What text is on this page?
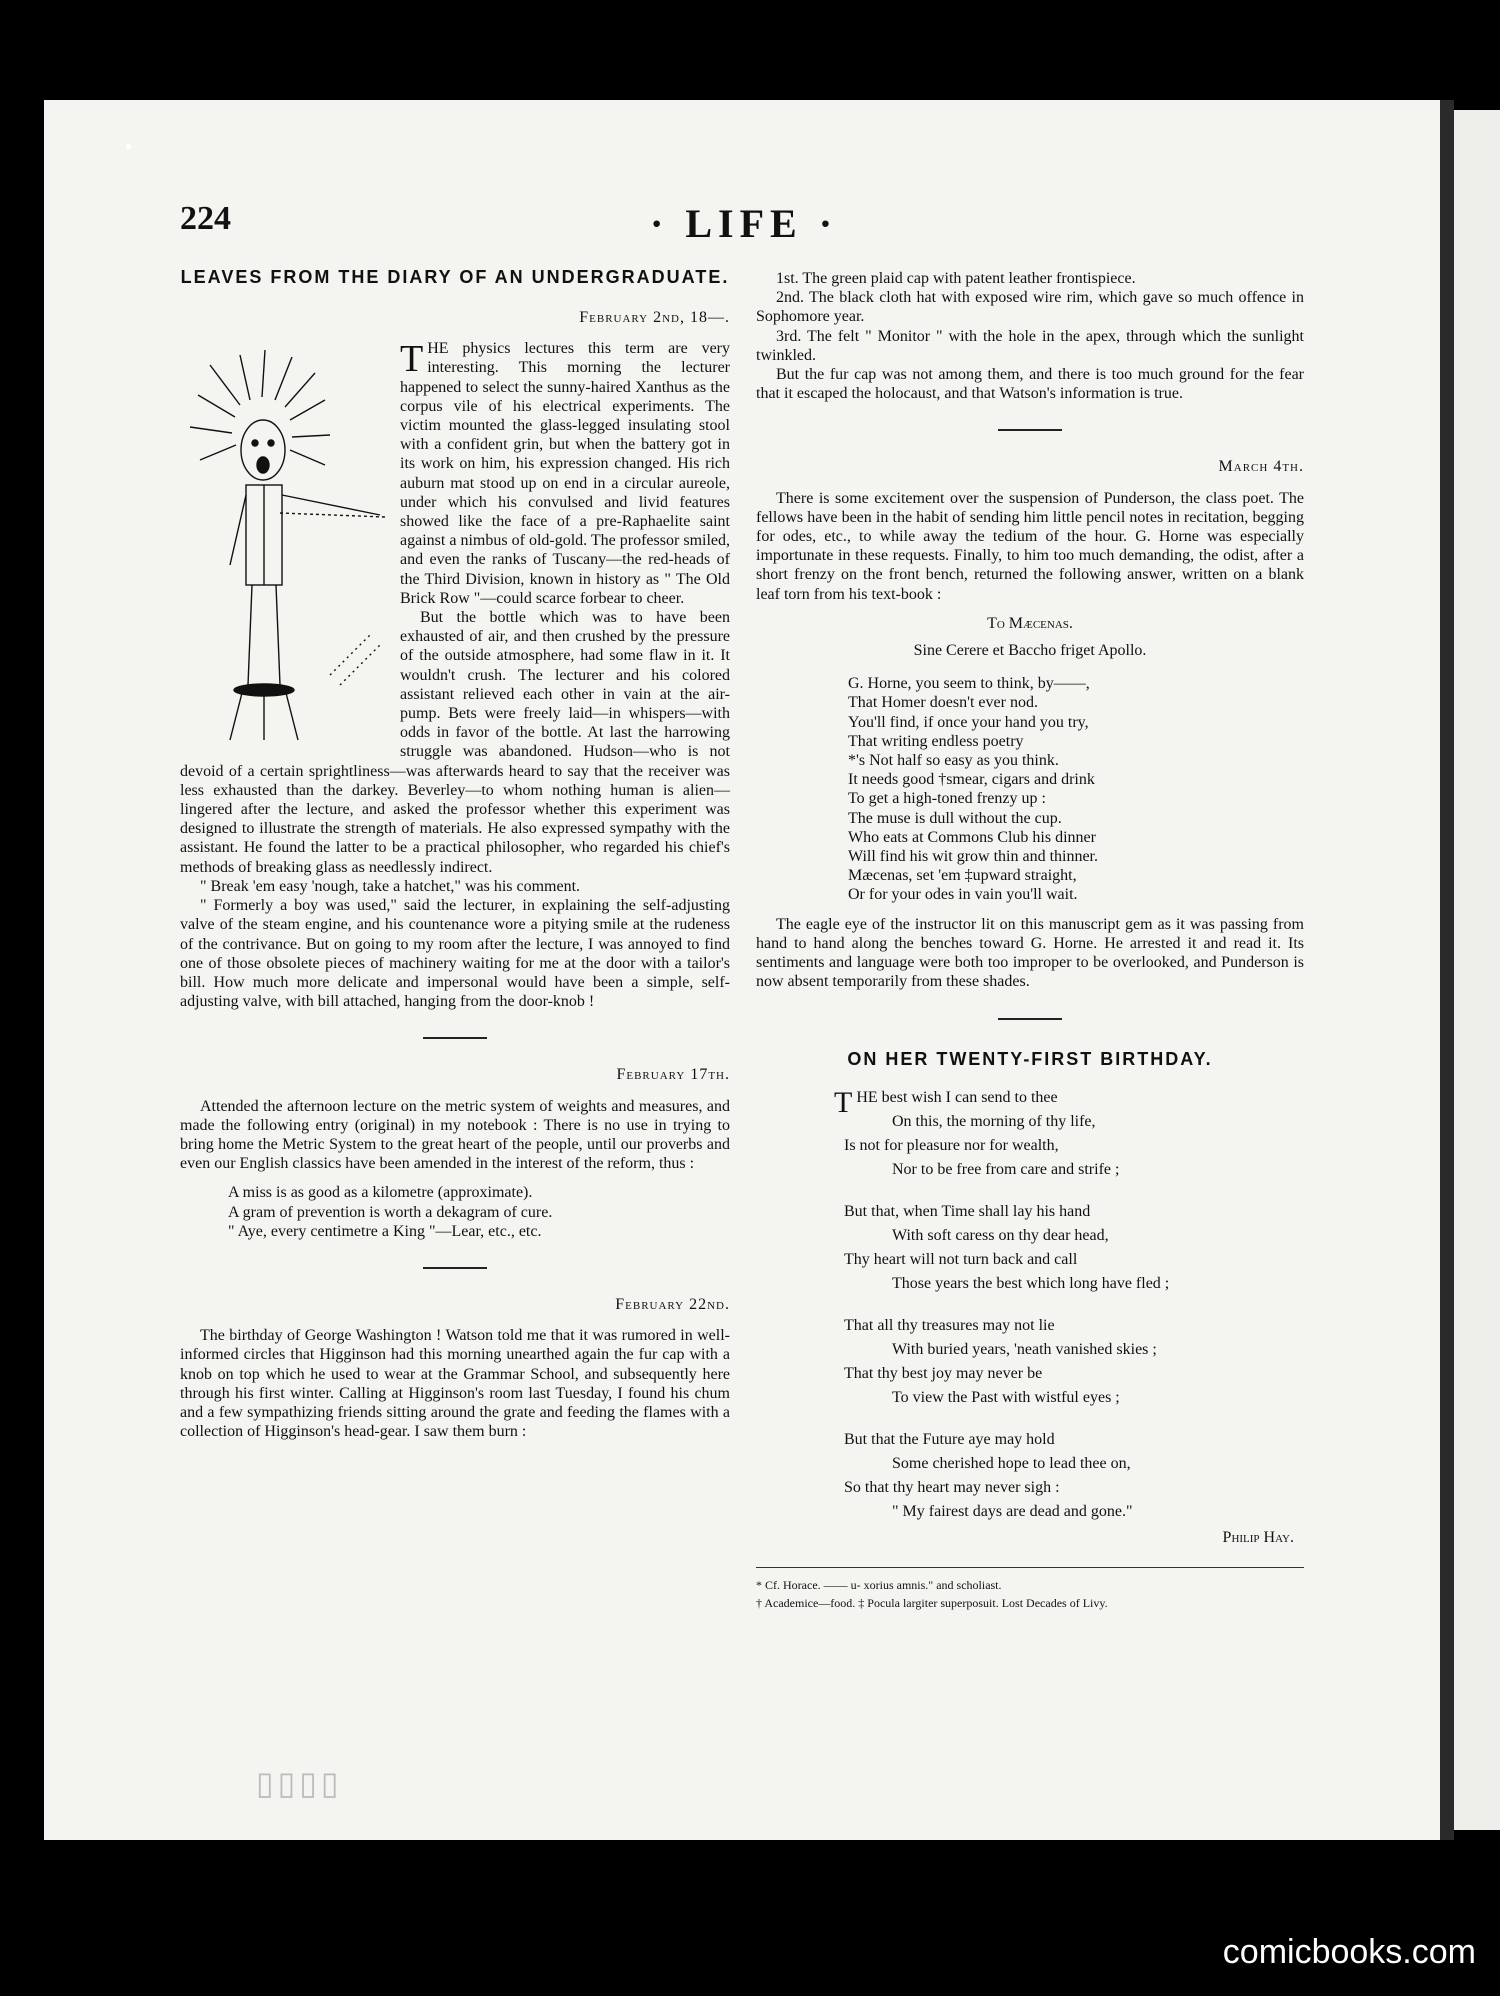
▯▯▯▯
224	· LIFE ·
LEAVES FROM THE DIARY OF AN UNDERGRADUATE.
February 2nd, 18—.

THE physics lectures this term are very interesting. This morning the lecturer happened to select the sunny-haired Xanthus as the corpus vile of his electrical experiments. The victim mounted the glass-legged insulating stool with a confident grin, but when the battery got in its work on him, his expression changed. His rich auburn mat stood up on end in a circular aureole, under which his convulsed and livid features showed like the face of a pre-Raphaelite saint against a nimbus of old-gold. The professor smiled, and even the ranks of Tuscany—the red-heads of the Third Division, known in history as " The Old Brick Row "—could scarce forbear to cheer.

But the bottle which was to have been exhausted of air, and then crushed by the pressure of the outside atmosphere, had some flaw in it. It wouldn't crush. The lecturer and his colored assistant relieved each other in vain at the air-pump. Bets were freely laid—in whispers—with odds in favor of the bottle. At last the harrowing struggle was abandoned. Hudson—who is not devoid of a certain sprightliness—was afterwards heard to say that the receiver was less exhausted than the darkey. Beverley—to whom nothing human is alien—lingered after the lecture, and asked the professor whether this experiment was designed to illustrate the strength of materials. He also expressed sympathy with the assistant. He found the latter to be a practical philosopher, who regarded his chief's methods of breaking glass as needlessly indirect.

" Break 'em easy 'nough, take a hatchet," was his comment.

" Formerly a boy was used," said the lecturer, in explaining the self-adjusting valve of the steam engine, and his countenance wore a pitying smile at the rudeness of the contrivance. But on going to my room after the lecture, I was annoyed to find one of those obsolete pieces of machinery waiting for me at the door with a tailor's bill. How much more delicate and impersonal would have been a simple, self-adjusting valve, with bill attached, hanging from the door-knob !

February 17th.

Attended the afternoon lecture on the metric system of weights and measures, and made the following entry (original) in my notebook : There is no use in trying to bring home the Metric System to the great heart of the people, until our proverbs and even our English classics have been amended in the interest of the reform, thus :

A miss is as good as a kilometre (approximate).
A gram of prevention is worth a dekagram of cure.
" Aye, every centimetre a King "—Lear, etc., etc.
February 22nd.

The birthday of George Washington ! Watson told me that it was rumored in well-informed circles that Higginson had this morning unearthed again the fur cap with a knob on top which he used to wear at the Grammar School, and subsequently here through his first winter. Calling at Higginson's room last Tuesday, I found his chum and a few sympathizing friends sitting around the grate and feeding the flames with a collection of Higginson's head-gear. I saw them burn :

1st. The green plaid cap with patent leather frontispiece.

2nd. The black cloth hat with exposed wire rim, which gave so much offence in Sophomore year.

3rd. The felt " Monitor " with the hole in the apex, through which the sunlight twinkled.

But the fur cap was not among them, and there is too much ground for the fear that it escaped the holocaust, and that Watson's information is true.

March 4th.

There is some excitement over the suspension of Punderson, the class poet. The fellows have been in the habit of sending him little pencil notes in recitation, begging for odes, etc., to while away the tedium of the hour. G. Horne was especially importunate in these requests. Finally, to him too much demanding, the odist, after a short frenzy on the front bench, returned the following answer, written on a blank leaf torn from his text-book :

To Mæcenas.
Sine Cerere et Baccho friget Apollo.
G. Horne, you seem to think, by——,
That Homer doesn't ever nod.
You'll find, if once your hand you try,
That writing endless poetry
*'s Not half so easy as you think.
It needs good †smear, cigars and drink
To get a high-toned frenzy up :
The muse is dull without the cup.
Who eats at Commons Club his dinner
Will find his wit grow thin and thinner.
Mæcenas, set 'em ‡upward straight,
Or for your odes in vain you'll wait.

The eagle eye of the instructor lit on this manuscript gem as it was passing from hand to hand along the benches toward G. Horne. He arrested it and read it. Its sentiments and language were both too improper to be overlooked, and Punderson is now absent temporarily from these shades.

ON HER TWENTY-FIRST BIRTHDAY.
THE best wish I can send to thee
On this, the morning of thy life,
Is not for pleasure nor for wealth,
Nor to be free from care and strife ;
But that, when Time shall lay his hand
With soft caress on thy dear head,
Thy heart will not turn back and call
Those years the best which long have fled ;
That all thy treasures may not lie
With buried years, 'neath vanished skies ;
That thy best joy may never be
To view the Past with wistful eyes ;
But that the Future aye may hold
Some cherished hope to lead thee on,
So that thy heart may never sigh :
" My fairest days are dead and gone."
Philip Hay.
* Cf. Horace. —— u- xorius amnis." and scholiast.
† Academice—food. ‡ Pocula largiter superposuit. Lost Decades of Livy.
comicbooks.com
